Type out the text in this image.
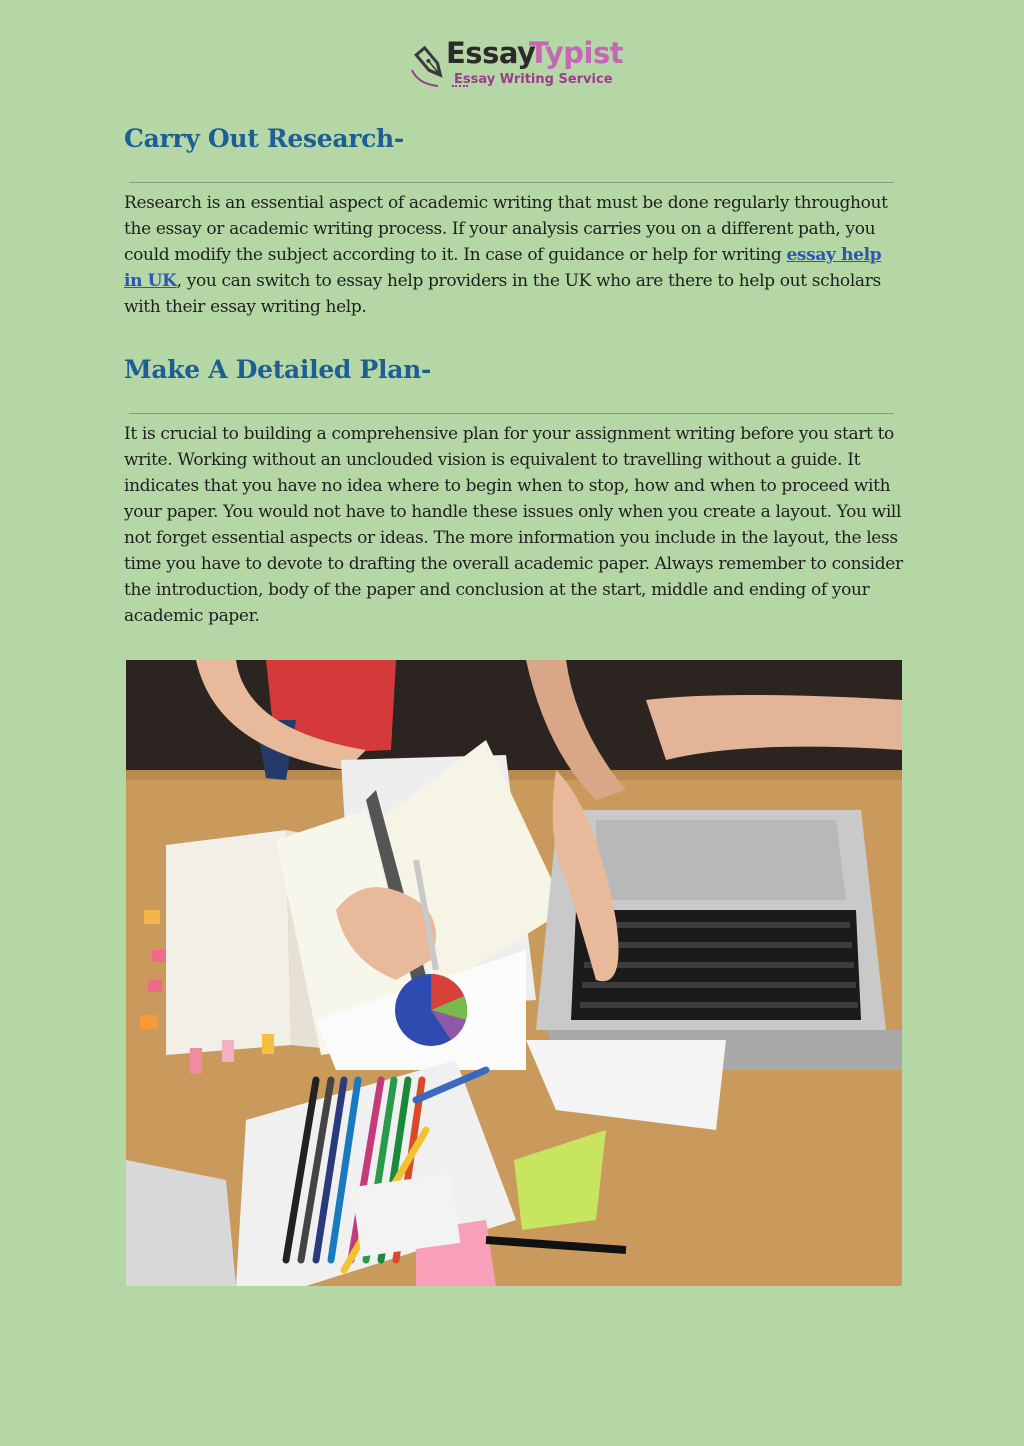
Essay
Typist
Essay Writing Service
Carry Out Research-

Research is an essential aspect of academic writing that must be done regularly throughout the essay or academic writing process. If your analysis carries you on a different path, you could modify the subject according to it. In case of guidance or help for writing essay help in UK, you can switch to essay help providers in the UK who are there to help out scholars with their essay writing help.

Make A Detailed Plan-

It is crucial to building a comprehensive plan for your assignment writing before you start to write. Working without an unclouded vision is equivalent to travelling without a guide. It indicates that you have no idea where to begin when to stop, how and when to proceed with your paper. You would not have to handle these issues only when you create a layout. You will not forget essential aspects or ideas. The more information you include in the layout, the less time you have to devote to drafting the overall academic paper. Always remember to consider the introduction, body of the paper and conclusion at the start, middle and ending of your academic paper.
